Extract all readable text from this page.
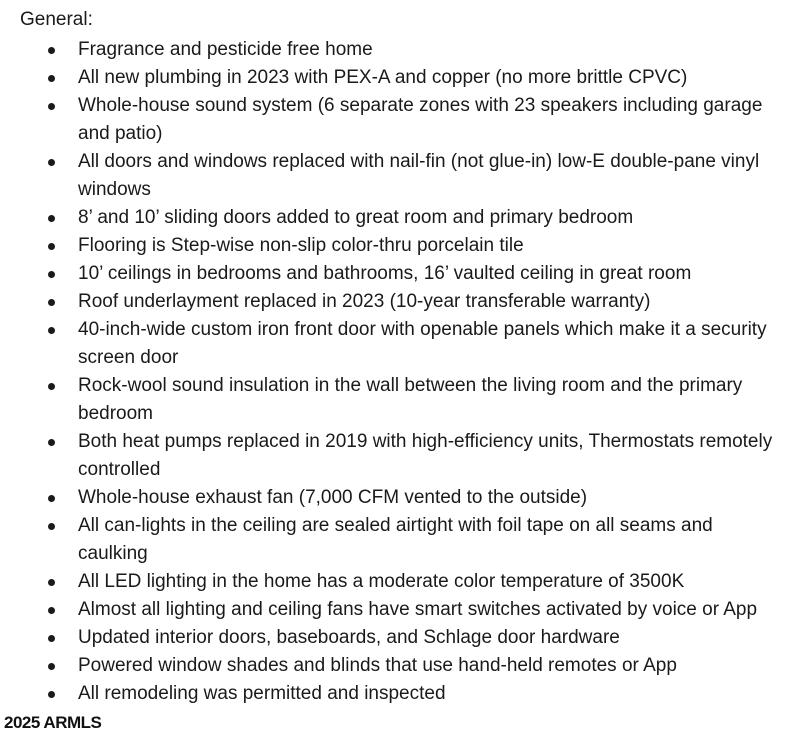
General:
Fragrance and pesticide free home
All new plumbing in 2023 with PEX-A and copper (no more brittle CPVC)
Whole-house sound system (6 separate zones with 23 speakers including garage and patio)
All doors and windows replaced with nail-fin (not glue-in) low-E double-pane vinyl windows
8’ and 10’ sliding doors added to great room and primary bedroom
Flooring is Step-wise non-slip color-thru porcelain tile
10’ ceilings in bedrooms and bathrooms, 16’ vaulted ceiling in great room
Roof underlayment replaced in 2023 (10-year transferable warranty)
40-inch-wide custom iron front door with openable panels which make it a security screen door
Rock-wool sound insulation in the wall between the living room and the primary bedroom
Both heat pumps replaced in 2019 with high-efficiency units, Thermostats remotely controlled
Whole-house exhaust fan (7,000 CFM vented to the outside)
All can-lights in the ceiling are sealed airtight with foil tape on all seams and caulking
All LED lighting in the home has a moderate color temperature of 3500K
Almost all lighting and ceiling fans have smart switches activated by voice or App
Updated interior doors, baseboards, and Schlage door hardware
Powered window shades and blinds that use hand-held remotes or App
All remodeling was permitted and inspected
2025 ARMLS
